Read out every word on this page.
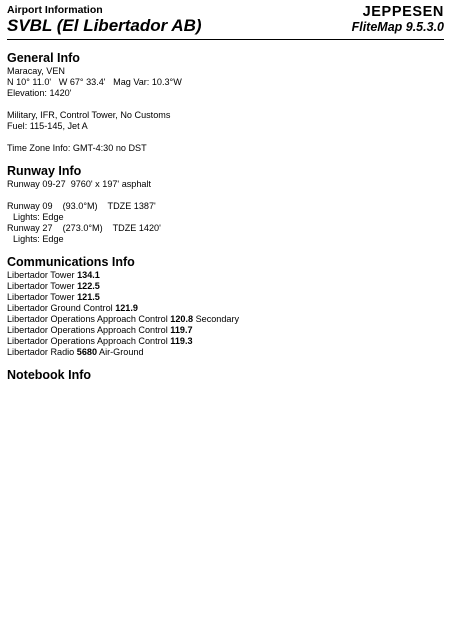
Airport Information
SVBL (El Libertador AB)
JEPPESEN
FliteMap 9.5.3.0
General Info
Maracay, VEN
N 10° 11.0'   W 67° 33.4'   Mag Var: 10.3°W
Elevation: 1420'
Military, IFR, Control Tower, No Customs
Fuel: 115-145, Jet A
Time Zone Info: GMT-4:30 no DST
Runway Info
Runway 09-27  9760' x 197' asphalt
Runway 09    (93.0°M)    TDZE 1387'
Lights: Edge
Runway 27    (273.0°M)    TDZE 1420'
Lights: Edge
Communications Info
Libertador Tower 134.1
Libertador Tower 122.5
Libertador Tower 121.5
Libertador Ground Control 121.9
Libertador Operations Approach Control 120.8 Secondary
Libertador Operations Approach Control 119.7
Libertador Operations Approach Control 119.3
Libertador Radio 5680 Air-Ground
Notebook Info
